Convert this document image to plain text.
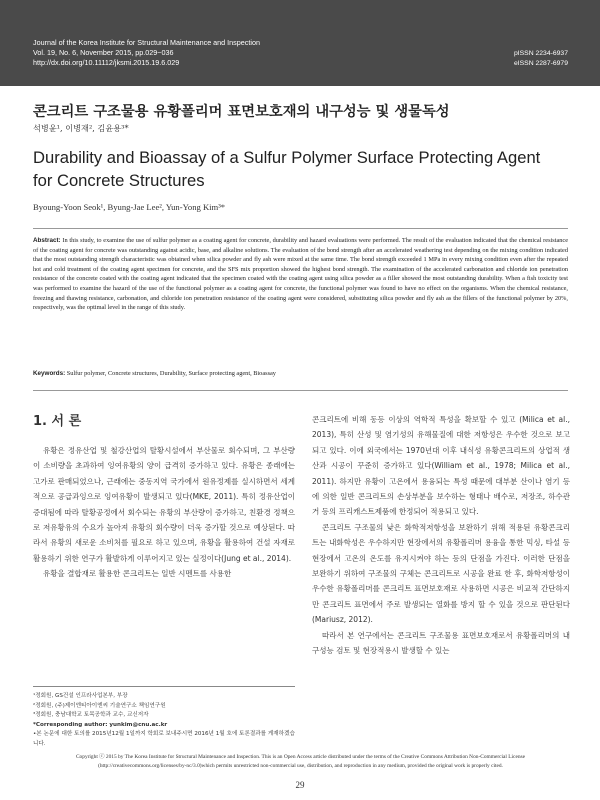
Journal of the Korea Institute for Structural Maintenance and Inspection
Vol. 19, No. 6, November 2015, pp.029~036
http://dx.doi.org/10.11112/jksmi.2015.19.6.029
pISSN 2234-6937
eISSN 2287-6979
콘크리트 구조물용 유황폴리머 표면보호재의 내구성능 및 생물독성
석병윤¹, 이병재², 김윤용³*
Durability and Bioassay of a Sulfur Polymer Surface Protecting Agent
for Concrete Structures
Byoung-Yoon Seok¹, Byung-Jae Lee², Yun-Yong Kim³*
Abstract: In this study, to examine the use of sulfur polymer as a coating agent for concrete, durability and hazard evaluations were performed. The result of the evaluation indicated that the chemical resistance of the coating agent for concrete was outstanding against acidic, base, and alkaline solutions. The evaluation of the bond strength after an accelerated weathering test depending on the mixing condition indicated that the most outstanding strength characteristic was obtained when silica powder and fly ash were mixed at the same time. The bond strength exceeded 1 MPa in every mixing condition even after the repeated hot and cold treatment of the coating agent specimen for concrete, and the SFS mix proportion showed the highest bond strength. The examination of the accelerated carbonation and chloride ion penetration resistance of the concrete coated with the coating agent indicated that the specimen coated with the coating agent using silica powder as a filler showed the most outstanding durability. When a fish toxicity test was performed to examine the hazard of the use of the functional polymer as a coating agent for concrete, the functional polymer was found to have no effect on the organisms. When the chemical resistance, freezing and thawing resistance, carbonation, and chloride ion penetration resistance of the coating agent were considered, substituting silica powder and fly ash as the fillers of the functional polymer by 20%, respectively, was the optimal level in the range of this study.
Keywords: Sulfur polymer, Concrete structures, Durability, Surface protecting agent, Bioassay
1. 서 론

유황은 정유산업 및 철강산업의 탈황시설에서 부산물로 회수되며, 그 부산량이 소비량을 초과하여 잉여유황의 양이 급격히 증가하고 있다. 유황은 종래에는 고가로 판매되었으나, 근래에는 중동지역 국가에서 원유정제를 실시하면서 세계적으로 공급과잉으로 잉여유황이 발생되고 있다(MKE, 2011). 특히 정유산업이 증대됨에 따라 탈황공정에서 회수되는 유황의 부산량이 증가하고, 친환경 정책으로 저유황유의 수요가 높아져 유황의 회수량이 더욱 증가할 것으로 예상된다. 따라서 유황의 새로운 소비처를 필요로 하고 있으며, 유황을 활용하여 건설 자재로 활용하기 위한 연구가 활발하게 이루어지고 있는 실정이다(Jung et al., 2014).

유황을 결합재로 활용한 콘크리트는 일반 시멘트를 사용한

콘크리트에 비해 동등 이상의 역학적 특성을 확보할 수 있고 (Milica et al., 2013), 특히 산성 및 염기성의 유해물질에 대한 저항성은 우수한 것으로 보고되고 있다. 이에 외국에서는 1970년대 이후 내식성 유황콘크리트의 상업적 생산과 시공이 꾸준히 증가하고 있다(William et al., 1978; Milica et al., 2011). 하지만 유황이 고온에서 용융되는 특성 때문에 대부분 산이나 염기 등에 의한 일반 콘크리트의 손상부분을 보수하는 형태나 배수로, 저장조, 하수관거 등의 프리캐스트제품에 한정되어 적용되고 있다.

콘크리트 구조물의 낮은 화학적저항성을 보완하기 위해 적용된 유황콘크리트는 내화학성은 우수하지만 현장에서의 유황폴리머 용융을 통한 믹싱, 타설 등 현장에서 고온의 온도를 유지시켜야 하는 등의 단점을 가진다. 이러한 단점을 보완하기 위하여 구조물의 구체는 콘크리트로 시공을 완료 한 후, 화학저항성이 우수한 유황폴리머를 콘크리트 표면보호재로 사용하면 시공은 비교적 간단하지만 콘크리트 표면에서 주로 발생되는 열화를 방지 할 수 있을 것으로 판단된다(Mariusz, 2012).

따라서 본 연구에서는 콘크리트 구조물용 표면보호재로서 유황폴리머의 내구성능 검토 및 현장적용시 발생할 수 있는

¹정회원, GS건설 인프라사업본부, 부장
²정회원, (주)제이엔티아이엔씨 기술연구소 책임연구원
³정회원, 충남대학교 토목공학과 교수, 교신저자
*Corresponding author: yunkim@cnu.ac.kr
•본 논문에 대한 토의를 2015년12월 1일까지 학회로 보내주시면 2016년 1월 호에 토론결과를 게재하겠습니다.
Copyright ⓒ 2015 by The Korea Institute for Structural Maintenance and Inspection. This is an Open Access article distributed under the terms of the Creative Commons Attribution Non-Commercial License (http://creativecommons.org/licenses/by-nc/3.0)which permits unrestricted non-commercial use, distribution, and reproduction in any medium, provided the original work is properly cited.
29
